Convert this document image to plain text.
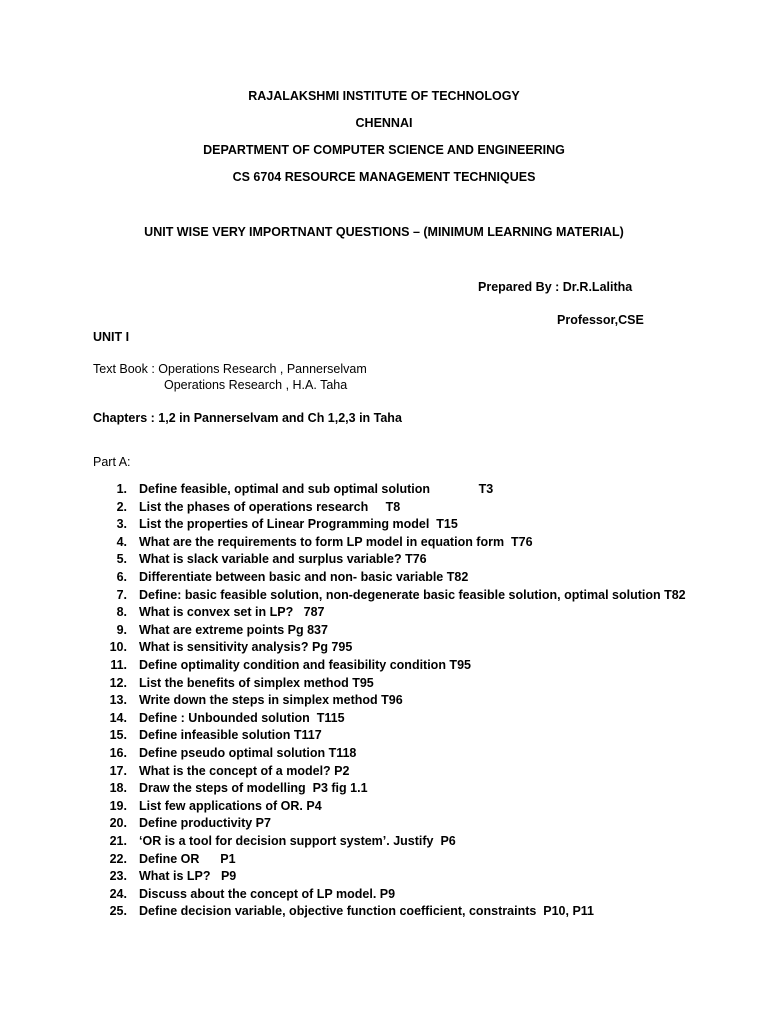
RAJALAKSHMI INSTITUTE OF TECHNOLOGY
CHENNAI
DEPARTMENT OF COMPUTER SCIENCE AND ENGINEERING
CS 6704 RESOURCE MANAGEMENT TECHNIQUES
UNIT WISE VERY IMPORTNANT QUESTIONS – (MINIMUM LEARNING MATERIAL)
Prepared By : Dr.R.Lalitha
Professor,CSE
UNIT I
Text Book : Operations Research , Pannerselvam
Operations Research , H.A. Taha
Chapters : 1,2 in Pannerselvam and Ch 1,2,3 in Taha
Part A:
1. Define feasible, optimal and sub optimal solution              T3
2. List the phases of operations research     T8
3. List the properties of Linear Programming model  T15
4. What are the requirements to form LP model in equation form  T76
5. What is slack variable and surplus variable? T76
6. Differentiate between basic and non- basic variable T82
7. Define: basic feasible solution, non-degenerate basic feasible solution, optimal solution T82
8. What is convex set in LP?   787
9. What are extreme points Pg 837
10. What is sensitivity analysis? Pg 795
11. Define optimality condition and feasibility condition T95
12. List the benefits of simplex method T95
13. Write down the steps in simplex method T96
14. Define : Unbounded solution  T115
15. Define infeasible solution T117
16. Define pseudo optimal solution T118
17. What is the concept of a model? P2
18. Draw the steps of modelling  P3 fig 1.1
19. List few applications of OR. P4
20. Define productivity P7
21. ‘OR is a tool for decision support system’. Justify  P6
22. Define OR      P1
23. What is LP?   P9
24. Discuss about the concept of LP model. P9
25. Define decision variable, objective function coefficient, constraints  P10, P11
